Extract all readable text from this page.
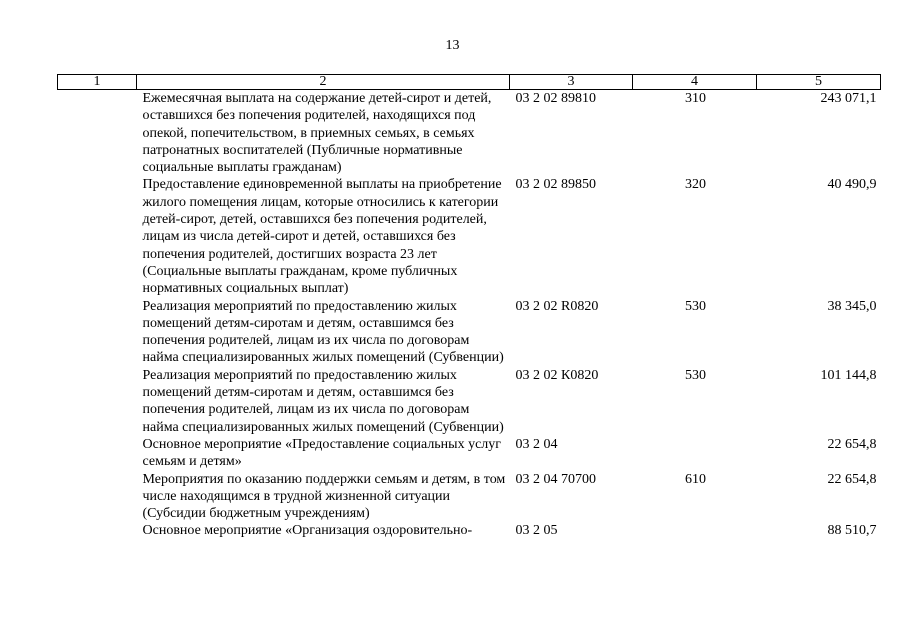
13
1	2	3	4	5
	Ежемесячная выплата на содержание детей-сирот и детей, оставшихся без попечения родителей, находящихся под опекой, попечительством, в приемных семьях, в семьях патронатных воспитателей (Публичные нормативные социальные выплаты гражданам)	03 2 02 89810	310	243 071,1
	Предоставление единовременной выплаты на приобретение жилого помещения лицам, которые относились к категории детей-сирот, детей, оставшихся без попечения родителей, лицам из числа детей-сирот и детей, оставшихся без попечения родителей, достигших возраста 23 лет (Социальные выплаты гражданам, кроме публичных нормативных социальных выплат)	03 2 02 89850	320	40 490,9
	Реализация мероприятий по предоставлению жилых помещений детям-сиротам и детям, оставшимся без попечения родителей, лицам из их числа по договорам найма специализированных жилых помещений (Субвенции)	03 2 02 R0820	530	38 345,0
	Реализация мероприятий по предоставлению жилых помещений детям-сиротам и детям, оставшимся без попечения родителей, лицам из их числа по договорам найма специализированных жилых помещений (Субвенции)	03 2 02 К0820	530	101 144,8
	Основное мероприятие «Предоставление социальных услуг семьям и детям»	03 2 04		22 654,8
	Мероприятия по оказанию поддержки семьям и детям, в том числе находящимся в трудной жизненной ситуации (Субсидии бюджетным учреждениям)	03 2 04 70700	610	22 654,8
	Основное мероприятие «Организация оздоровительно-	03 2 05		88 510,7
